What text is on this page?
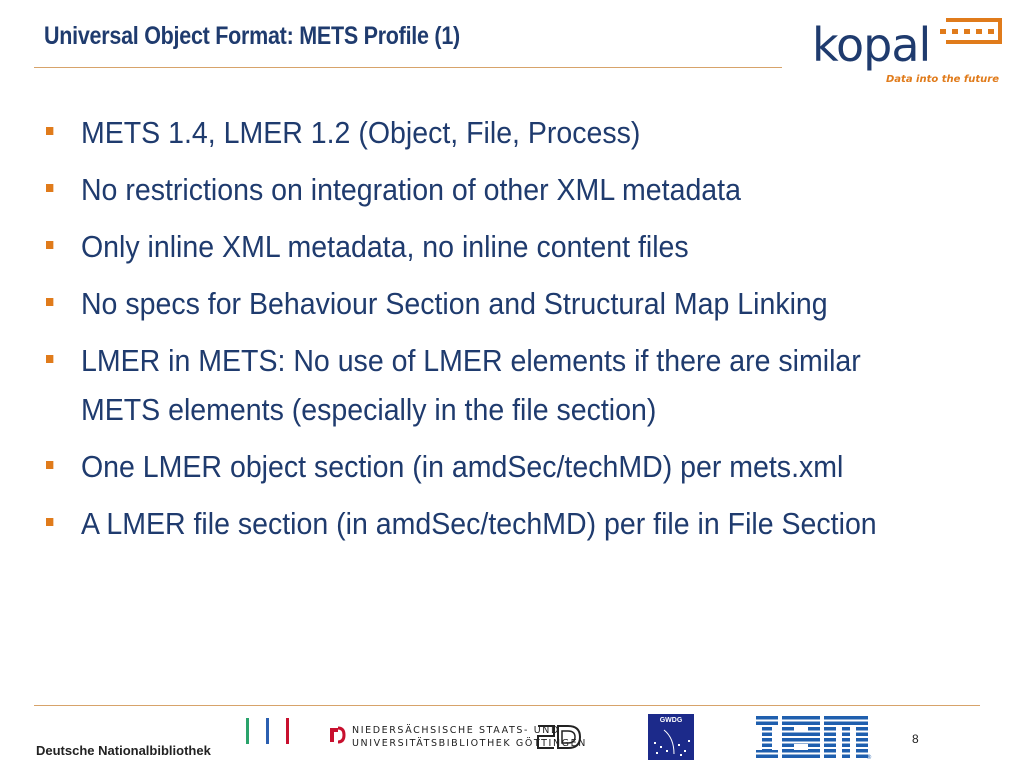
Universal Object Format: METS Profile (1)	kopal
Data into the future
METS 1.4, LMER 1.2 (Object, File, Process)
No restrictions on integration of other XML metadata
Only inline XML metadata, no inline content files
No specs for Behaviour Section and Structural Map Linking
LMER in METS: No use of LMER elements if there are similar METS elements (especially in the file section)
One LMER object section (in amdSec/techMD) per mets.xml
A LMER file section (in amdSec/techMD) per file in File Section
Deutsche Nationalbibliothek
NIEDERSÄCHSISCHE STAATS- UND
UNIVERSITÄTSBIBLIOTHEK GÖTTINGEN
GWDG
®
8
